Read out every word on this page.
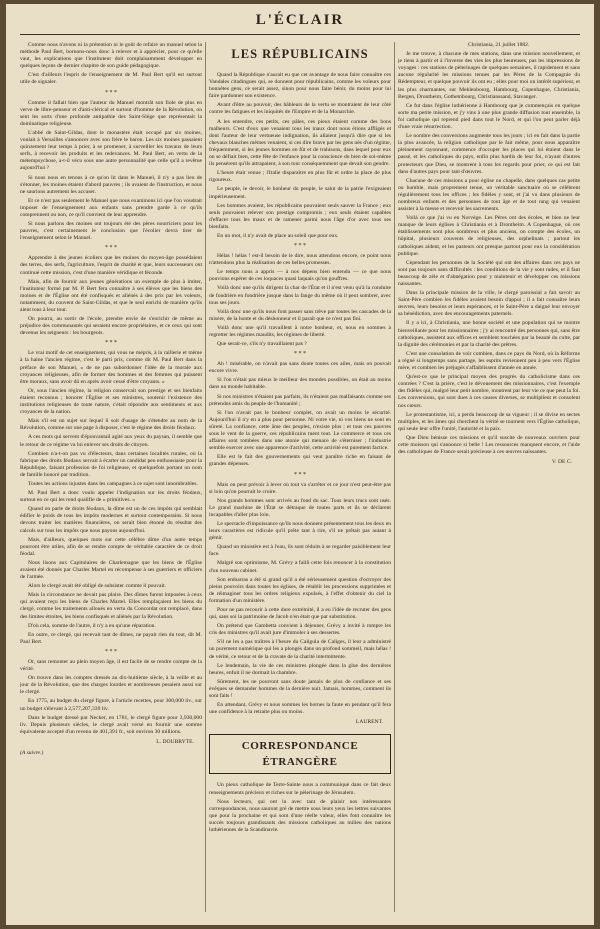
L'ÉCLAIR

Comme nous n'avons ni la prétention ni le goût de refaire un manuel selon la méthode Paul Bert, bornons-nous donc à relever et à apprécier, pour ce qu'elle vaut, les explications que l'instituteur doit complaisamment développer en quelques leçons de dernier chapitre de son guide pédagogique.

C'est d'ailleurs l'esprit de l'enseignement de M. Paul Bert qu'il est surtout utile de signaler.

* * *

Comme il fallait bien que l'auteur du Manuel montrât son fiole de plus en verve de libre-penseur et d'anti-clérical et surtout d'homme de la Révolution, on sent les sorts d'une profonde antipathie des Saint-Siège que représentait la dominatique religieuse.

L'abbé de Saint-Gildas, dont le monastère était occupé par six moines, voulait à Versailles s'annoncer avec son frère le baron. Les six moines passaient quinzement leur temps à prier, à se promener, à surveiller les travaux de leurs serfs, à recevoir les produits et les redevances. M. Paul Bert, en vertu de la métempsychose, a-t-il vécu sous une autre personnalité que celle qu'il a revêtue aujourd'hui ?

Si nous nous en tenons à ce qu'on lit dans le Manuel, il n'y a pas lieu de s'étonner, les moines étaient d'abord pauvres ; ils avaient de l'instruction, et nous ne saurions autrement les accuser.

Et ce n'est pas seulement le Manuel que nous examinons ici que l'on voudrait imposer de l'enseignement aux enfants sans prendre garde à ce qu'ils comprennent ou non, ce qu'il convient de leur apprendre.

Si nous parlons des moines ont toujours été des pères nourriciers pour les pauvres, c'est certainement le conclusion que l'écolier devra tirer de l'enseignement selon le Manuel.

* * *

Apprendre à des jeunes écoliers que les moines du moyen-âge possédaient des terres, des serfs, l'agriculture, l'esprit de charité et que, leurs successeurs ont continué cette mission, c'est d'une manière véridique et féconde.

Mais, afin de fournir aux jeunes générations un exemple de plus à imiter, l'instituteur formé par M. P. Bert fera connaître à ses élèves que les biens des moines et de l'Église ont été confisqués et aliénés à des prix par les voleurs, notamment, du couvent de Saint-Gildas, et que le seul enrichi de manière qu'ils aient tous à leur tour.

On pourra, au sortir de l'école, prendre envie de s'enrichir de même au préjudice des communautés qui seraient encore propriétaires, et ce ceux qui sont devenus les seigneurs : les bourgeois.

* * *

Le vrai motif de cet enseignement, qui vous ne mépris, à la raillerie et même à la haine l'ancien régime, c'est le parti pris, comme dit M. Paul Bert dans la préface de son Manuel, « de ne pas subordonner l'idée de la morale aux croyances religieuses, afin de former des hommes et des femmes qui puissent être moraux, sans avoir dû en après avoir cessé d'être croyants. »

Or, sous l'ancien régime, la religion conservait son prestige et ses bienfaits étaient reconnus ; honorer l'Église et ses ministres, soutenir l'existence des institutions religieuses de toute nature, c'était répondre aux sentiments et aux croyances de la nation.

Mais s'il est un sujet sur lequel il soit d'usage de s'étendre au nom de la Révolution, comme sur une page à disposer, c'est le régime des droits féodaux.

A ces mots qui servent d'épouvantail agité aux yeux du paysan, il semble que le retour de ce régime va lui enlever ses droits de citoyen.

Combien n'a-t-on pas vu d'électeurs, dans certaines localités rurales, où la fabrique des droits féodaux servait à écarter un candidat peu enthousiaste pour la République, faisant profession de foi religieuse, et quelquefois portant un nom de famille honoré par tradition.

Toutes les actions injustes dans les campagnes à ce sujet sont innombrables.

M. Paul Bert a donc voulu appeler l'indignation sur les droits féodaux, surtout en ce qui les rend qualifie de « primitives. »

Quand on parle de droits féodaux, la dîme est un de ces impôts qui semblait édifier le poids de tous les impôts modernes et surtout contemporains. Si nous devons traiter les matières financières, on serait bien étonné du résultat des calculs sur tous les impôts que nous payons aujourd'hui.

Mais, d'ailleurs, quelques mots sur cette célèbre dîme d'un autre temps pourront être utiles, afin de se rendre compte de véritable caractère de ce droit féodal.

Nous lisons aux Capitulaires de Charlemagne que les biens de l'Église avaient été donnés par Charles Martel en récompense à ses guerriers et officiers de l'armée.

Alors le clergé avait été obligé de subsister comme il pouvait.

Mais la circonstance ne devait pas plaire. Des dîmes furent imposées à ceux qui avaient reçu les biens de Charles Martel. Elles remplaçaient les biens du clergé, comme les traitements alloués en vertu du Concordat ont remplacé, dans des limites étroites, les biens confisqués et aliénés par la Révolution.

D'où cela, somme de l'autre, il n'y a eu qu'une réparation.

En outre, ce clergé, qui recevait tant de dîmes, ne payait rien du tout, dit M. Paul Bert.

* * *

Or, sans remonter au plein moyen âge, il est facile de se rendre compte de la vérité.

On trouve dans les comptes dressés au dix-huitième siècle, à la veille et au jour de la Révolution, que des charges lourdes et nombreuses pesaient aussi sur le clergé.

En 1775, au budget du clergé figure, à l'article recettes, pour 300,000 liv., sur un budget s'élevant à 2,577,207,339 liv.

Dans le budget dressé par Necker, en 1781, le clergé figure pour 3,930,000 liv. Depuis plusieurs siècles, le clergé avait versé en fournir une somme équivalente accepté d'un revenu de 401,391 fr., soit environ 30 millions.

L. DOUBRYTE.
(A suivre.)
LES RÉPUBLICAINS

Quand la République n'aurait eu que cet avantage de nous faire connaître ces Vandales citadingues qui, se donnent pour républicains, comme les voleurs pour honnêtes gens, ce serait assez, sinon pour nous faire bénir, du moins pour lui faire pardonner son existence.

Avant d'être au pouvoir, des hâbleurs de la vertu se montraient de leur côté contre les fatigues et les iniquités de l'Empire et de la Monarchie.

A les entendre, ces petits, ces pâles, ces pieux étaient comme des bons malheurs. C'est d'eux que venaient tous les maux dont nous étions affligés et dont l'auteur de leur vertueuse indignation, ils allaient jusqu'à dire que si les chevaux blanches mêmes venaient, si ces dire brave par les gens nés d'un régime, fréquemment, si les jeunes hommes en fût et de trahisons, dans lequel pour eux on se défiait bien, cette fête de l'enfance pour la conscience du bien de soi-même ils pensèrent qu'ils attrapaient, à son tour conséquemment que devait son gendre.

L'heure était venue ; l'Italie disparaître en plus fût et ordre la place de plus rigoureux.

Le peuple, le devoir, le bonheur du peuple, le salut de la patrie l'exigeaient impérieusement.

Les hommes avaient, les républicains pouvaient seuls sauver la France ; eux seuls pouvaient relever son prestige compromis ; eux seuls étaient capables d'effacer tous les maux et de ramener parmi nous l'âge d'or avec tous ses bienfaits.

En un mot, il n'y avait de place au soleil que pour eux.

* * *

Hélas ! hélas ! est-il besoin de le dire, nous attendons encore, ce point nous n'attendons plus la réalisation de ces belles promesses.

Le temps nous a appris — à nos dépens bien entendu — ce que nous pouvions espérer de ces loquaces quasi laquais qu'on gouffres.

Voilà donc une qu'ils dirigent la char de l'État et il n'est venu qu'à la conduite de fondrière en fondrière jusque dans la fange du même où il peut sombrer, avec tous ses jours.

Voilà donc une qu'ils nous font passer sans trêve par toutes les cascades de la misère, de la honte et du déshonneur et il paraît que ce n'est pas fini.

Voilà donc une qu'il travaillent à notre bonheur, et, nous en sommes à regretter les régimes maudits, les régimes de liberté.

Que serait-ce, s'ils n'y travaillaient pas ?

* * *

Ah ! misérable, on n'avait pas sans doute toutes ces ailes, mais on pouvait encore vivre.

Si l'on n'était pas mieux le meilleur des mondes possibles, on était au moins dans un monde habitable.

Si nos ministres n'étaient pas parfaits, ils n'étaient pas malfaisants comme ses prétendus amis du peuple de l'humanité ;

Si l'on n'avait pas le bonheur complet, on avait un moins le sécurité. Aujourd'hui il n'y en a plus pour personne. Ni votre vie, ni vos biens ne sont en sûreté. La confiance, cette âme des peuples, n'existe plus ; et tous ces pauvres sous le vent de la guerre, ces républicains tuent tout. Le commerce et tous ces affaires sont tombées dans une atonie qui menace de s'éterniser ; l'industrie semble exercer avec une apparence d'activité, cette activité est purement factice.

Elle est le fait des gouvernements qui veut paraître riche en faisant de grandes dépenses.

* * *

Mais on peut prévoir à lever où tout va s'arrêter et ce jour n'est peut-être pas si loin qu'on pourrait le croire.

Nos grands hommes sont arrivés au fond du sac. Tous leurs trucs sont usés. Le grand machine de l'État se détraque de toutes parts et ils se déclarent incapables d'aller plus loin.

Le spectacle d'impuissance qu'ils nous donnent présentement tous les deux en leurs caractères est ridicule qu'il prête tant à rire, s'il ne prêtait pas autant à gémir.

Quand un ministère est à l'eau, ils sont réduits à se regarder paisiblement leur face.

Malgré son optimisme, M. Grévy a failli cette fois renoncer à la constitution d'un nouveau cabinet.

Son embarras a été si grand qu'il a été sérieusement question d'octroyer des pleins pouvoirs dans toutes les églises, de rétablir les processions supprimées et de réimaginer tous les ordres religieux expulsés, à l'effet d'obtenir du ciel la formation d'un ministère.

Pour ne pas recourir à cette dure extrémité, il a eu l'idée de recruter des gens qui, sans soi la patrimoine de Jacob n'en était que par substitution.

On prétend que Gambetta convient à déjeuner, Grévy a invité à rompre les cris des ministres qu'il avait jure d'immoler à ses dessertes.

S'il ne les a pas traîtres à l'heure du Caligula de Caliges, il leur a administré un purement numérique qui les a plongés dans un profond sommeil, mais hélas ! de vérité, ce retour et de la cravate de la charité intermittente.

Le lendemain, la vie de ces ministres plongée dans la glue des dernières heures, enfuit il ne dormait la chambre.

Sûrement, les ne pourront sans doute jamais de plus de confiance et ses évêques se demander hommes de la dernière nuit. Jamais, hommes, comment ils sont faits !

En attendant, Grévy et nous sommes les bornes la faute en pendant qu'il fera une confidence à la retraite plus ou moins.

LAURENT.
CORRESPONDANCE ÉTRANGÈRE

Un pieux catholique de Terre-Sainte nous a communiqué dans ce fait deux renseignements précieux et riches sur le pèlerinage de Jérusalem.

Nous lecteurs, qui ont lu avec tant de plaisir nos intéressantes correspondances, nous sauront gré de mettre sous leurs yeux les lettres suivantes que pour la prochaine et qui sont d'une réelle valeur, elles font connaître les succès toujours grandissants des missions catholiques au milieu des nations luthériennes de la Scandinavie.

Christiania, 21 juillet 1882.

Je me trouve, à chacune de mes stations, dans une mission nouvellement, et je tiens à partir et à l'inverse des vies les plus heureuses, pas les impressions de voyages : ces stations de pèlerinages de quelques semaines, il rapidement et sans aucune régularité les missions tenues par les Pères de la Compagnie du Rédempteur, et quelque pouvoir ils ont eu ; elles pour moi un intérêt supérieur, et les plus charmantes, sur Meklenbourg, Hambourg, Copenhague, Christiania, Bergen, Drontheim, Gothembourg, Christianssand, Stavanger.

Ce fut dans l'église luthérienne à Hambourg que je commençais en quelque sorte ma petite mission, et j'y vins à une plus grande diffusion tout ensemble, la foi catholique qui reprend pied dans tout le Nord, et qui l'on peut parler déjà d'une vraie résurrection.

Le nombre des conversions augmente tous les jours ; ici en fait dans la partie la plus avancée, la religion catholique par le fait même, pour nous apparaître pleinement rayonnant, commence d'occuper les places qui lui étaient dans le passé, et les catholiques du pays, enfin plus hardis de leur foi, n'ayant d'autres protecteurs que Dieu, se montrent à tous les regards pour prier, ce qui est fait dans d'autres pays pour tant d'œuvres.

Chacune de ces missions a pour église ou chapelle, dans quelques cas petite ou humble, mais proprement tenue, un véritable sanctuaire où se célèbrent régulièrement tous les offices ; les fidèles y sont, et j'ai vu dans plusieurs de nombreux enfants et des personnes de tout âge et de tout rang qui venaient assister à la messe et recevoir les sacrements.

Voilà ce que j'ai vu en Norvège. Les Pères ont des écoles, et bien ne leur manque de leurs églises à Christiania et à Drontheim. A Copenhague, où ces établissements sont plus nombreux et plus anciens, on compte des écoles, un hôpital, plusieurs couvents de religieuses, des orphelinats ; partout les catholiques aident, et les pasteurs ont presque partout pour eux la considération publique.

Cependant les personnes de la Société qui ont des affaires dans ces pays ne sont pas toujours sans difficultés : les conditions de la vie y sont rudes, et il faut beaucoup de zèle et d'abnégation pour y maintenir et développer ces missions naissantes.

Dans la principale mission de la ville, le clergé paroissial a fait savoir au Saint-Père combien les fidèles avaient besoin d'appui ; il a fait connaître leurs œuvres, leurs besoins et leurs espérances, et le Saint-Père a daigné leur envoyer sa bénédiction, avec des encouragements paternels.

Il y a ici, à Christiania, une bonne société et une population qui se montre bienveillante pour les missionnaires ; j'y ai rencontré des personnes qui, sans être catholiques, assistent aux offices et semblent touchées par la beauté du culte, par la dignité des cérémonies et par la charité des prêtres.

C'est une consolation de voir combien, dans ce pays du Nord, où la Réforme a régné si longtemps sans partage, les esprits reviennent peu à peu vers l'Église mère, et combien les préjugés s'affaiblissent d'année en année.

Qu'est-ce que le principal moyen des progrès du catholicisme dans ces contrées ? C'est la prière, c'est le dévouement des missionnaires, c'est l'exemple des fidèles qui, malgré leur petit nombre, montrent par leur vie ce que peut la foi. Les conversions, qui sont dues à ces causes diverses, se multiplient et consolent nos cœurs.

Le protestantisme, ici, a perdu beaucoup de sa vigueur ; il se divise en sectes multiples, et les âmes qui cherchent la vérité se tournent vers l'Église catholique, qui seule leur offre l'unité, l'autorité et la paix.

Que Dieu bénisse ces missions et qu'il suscite de nouveaux ouvriers pour cette moisson qui s'annonce si belle ! Les ressources manquent encore, et l'aide des catholiques de France serait précieuse à ces œuvres naissantes.

V. DE C.
